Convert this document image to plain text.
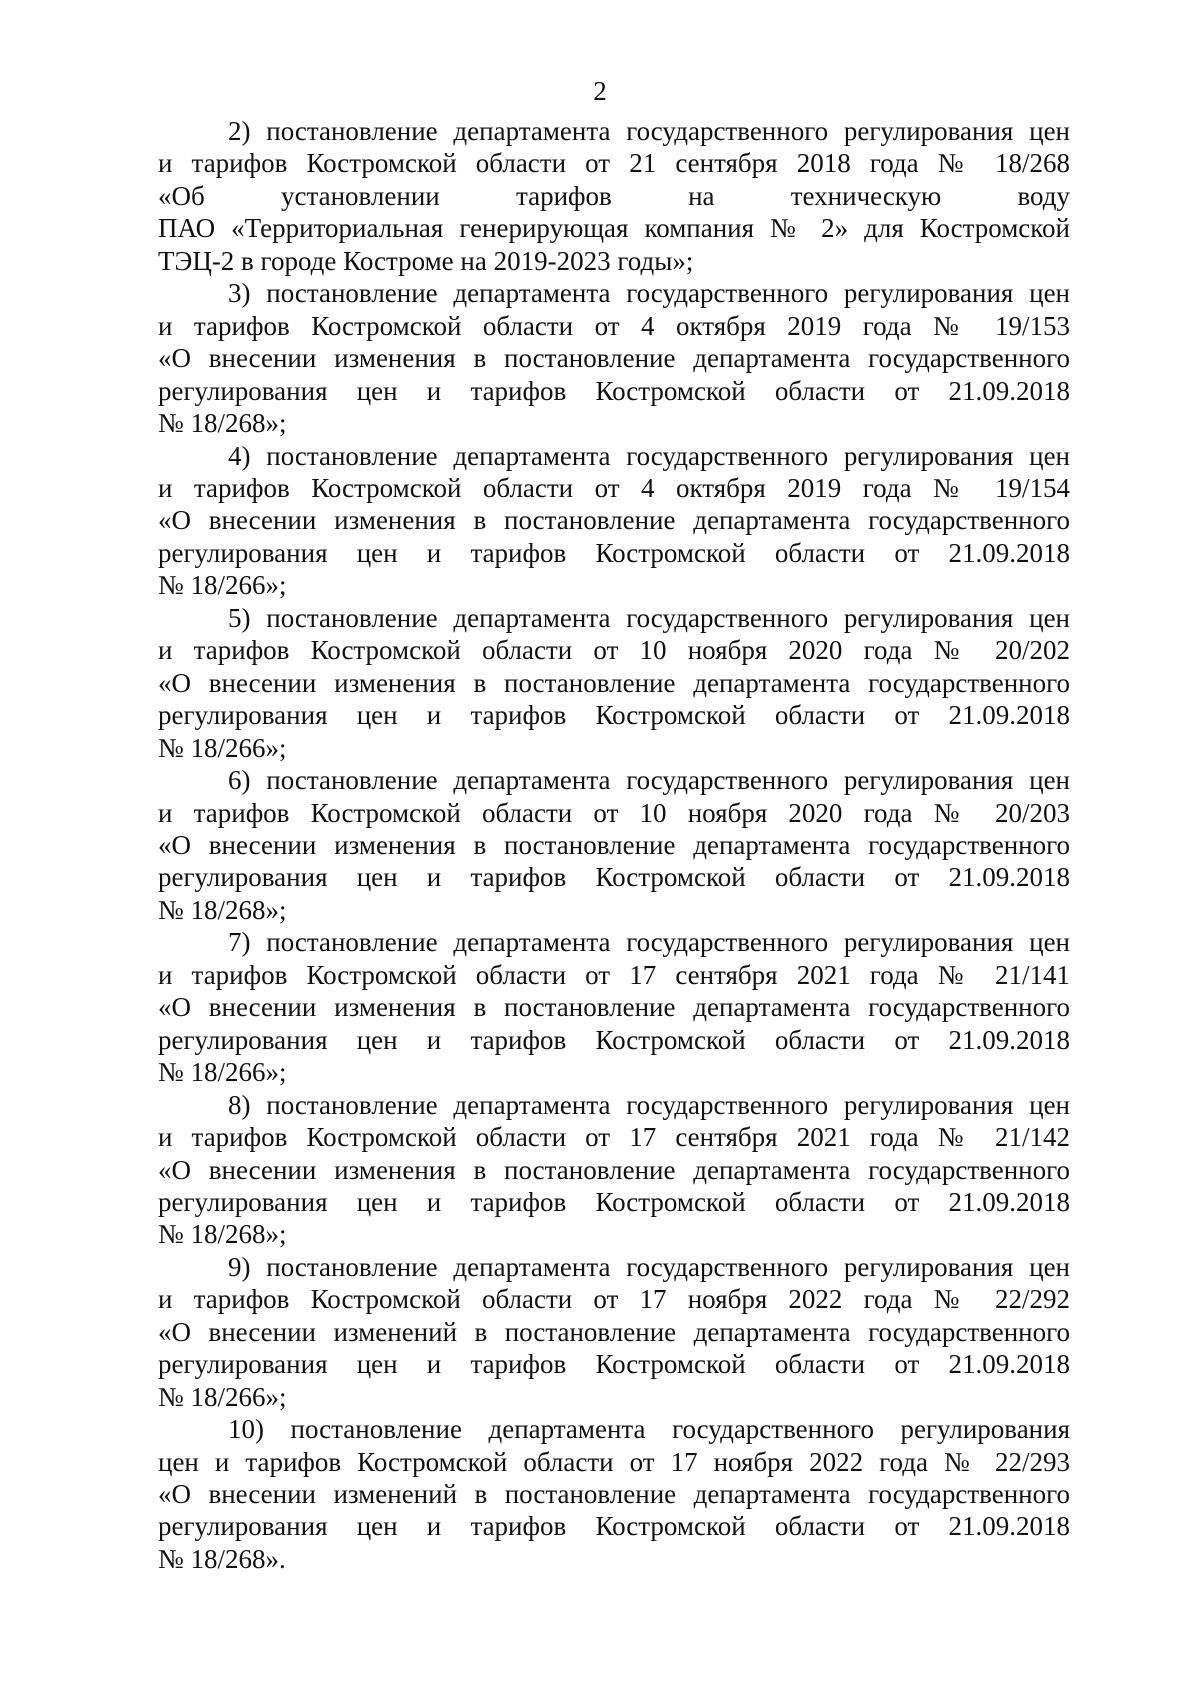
2
2) постановление департамента государственного регулирования цен
и тарифов Костромской области от 21 сентября 2018 года № 18/268
«Об установлении тарифов на техническую воду
ПАО «Территориальная генерирующая компания № 2» для Костромской
ТЭЦ-2 в городе Костроме на 2019-2023 годы»;
3) постановление департамента государственного регулирования цен
и тарифов Костромской области от 4 октября 2019 года № 19/153
«О внесении изменения в постановление департамента государственного
регулирования цен и тарифов Костромской области от 21.09.2018
№ 18/268»;
4) постановление департамента государственного регулирования цен
и тарифов Костромской области от 4 октября 2019 года № 19/154
«О внесении изменения в постановление департамента государственного
регулирования цен и тарифов Костромской области от 21.09.2018
№ 18/266»;
5) постановление департамента государственного регулирования цен
и тарифов Костромской области от 10 ноября 2020 года № 20/202
«О внесении изменения в постановление департамента государственного
регулирования цен и тарифов Костромской области от 21.09.2018
№ 18/266»;
6) постановление департамента государственного регулирования цен
и тарифов Костромской области от 10 ноября 2020 года № 20/203
«О внесении изменения в постановление департамента государственного
регулирования цен и тарифов Костромской области от 21.09.2018
№ 18/268»;
7) постановление департамента государственного регулирования цен
и тарифов Костромской области от 17 сентября 2021 года № 21/141
«О внесении изменения в постановление департамента государственного
регулирования цен и тарифов Костромской области от 21.09.2018
№ 18/266»;
8) постановление департамента государственного регулирования цен
и тарифов Костромской области от 17 сентября 2021 года № 21/142
«О внесении изменения в постановление департамента государственного
регулирования цен и тарифов Костромской области от 21.09.2018
№ 18/268»;
9) постановление департамента государственного регулирования цен
и тарифов Костромской области от 17 ноября 2022 года № 22/292
«О внесении изменений в постановление департамента государственного
регулирования цен и тарифов Костромской области от 21.09.2018
№ 18/266»;
10) постановление департамента государственного регулирования
цен и тарифов Костромской области от 17 ноября 2022 года № 22/293
«О внесении изменений в постановление департамента государственного
регулирования цен и тарифов Костромской области от 21.09.2018
№ 18/268».
